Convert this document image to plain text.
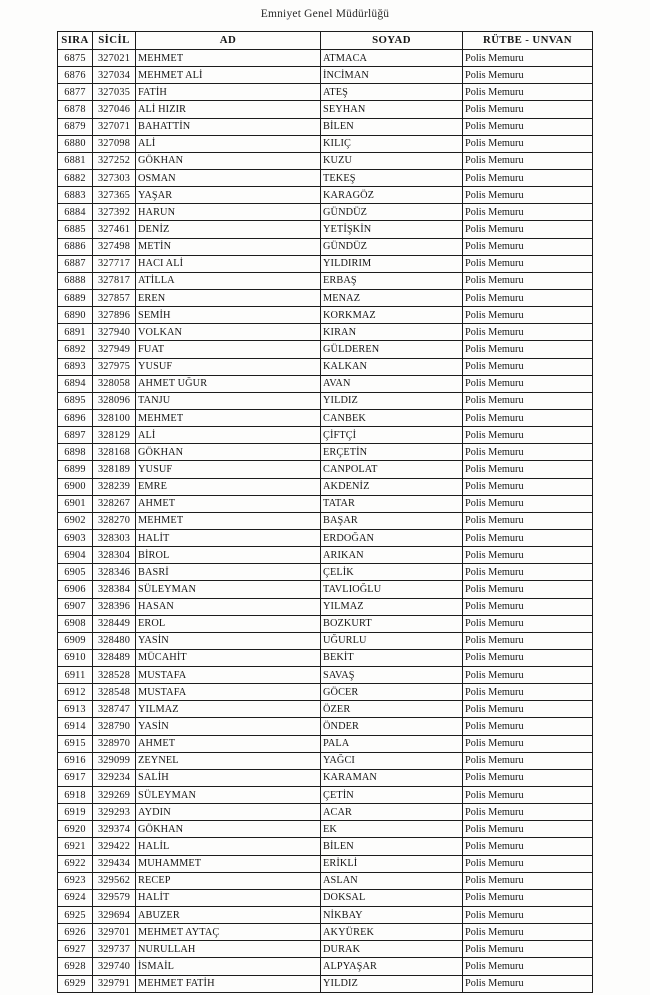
Emniyet Genel Müdürlüğü
SIRA	SİCİL	AD	SOYAD	RÜTBE - UNVAN
6875	327021	MEHMET	ATMACA	Polis Memuru
6876	327034	MEHMET ALİ	İNCİMAN	Polis Memuru
6877	327035	FATİH	ATEŞ	Polis Memuru
6878	327046	ALİ HIZIR	SEYHAN	Polis Memuru
6879	327071	BAHATTİN	BİLEN	Polis Memuru
6880	327098	ALİ	KILIÇ	Polis Memuru
6881	327252	GÖKHAN	KUZU	Polis Memuru
6882	327303	OSMAN	TEKEŞ	Polis Memuru
6883	327365	YAŞAR	KARAGÖZ	Polis Memuru
6884	327392	HARUN	GÜNDÜZ	Polis Memuru
6885	327461	DENİZ	YETİŞKİN	Polis Memuru
6886	327498	METİN	GÜNDÜZ	Polis Memuru
6887	327717	HACI ALİ	YILDIRIM	Polis Memuru
6888	327817	ATİLLA	ERBAŞ	Polis Memuru
6889	327857	EREN	MENAZ	Polis Memuru
6890	327896	SEMİH	KORKMAZ	Polis Memuru
6891	327940	VOLKAN	KIRAN	Polis Memuru
6892	327949	FUAT	GÜLDEREN	Polis Memuru
6893	327975	YUSUF	KALKAN	Polis Memuru
6894	328058	AHMET UĞUR	AVAN	Polis Memuru
6895	328096	TANJU	YILDIZ	Polis Memuru
6896	328100	MEHMET	CANBEK	Polis Memuru
6897	328129	ALİ	ÇİFTÇİ	Polis Memuru
6898	328168	GÖKHAN	ERÇETİN	Polis Memuru
6899	328189	YUSUF	CANPOLAT	Polis Memuru
6900	328239	EMRE	AKDENİZ	Polis Memuru
6901	328267	AHMET	TATAR	Polis Memuru
6902	328270	MEHMET	BAŞAR	Polis Memuru
6903	328303	HALİT	ERDOĞAN	Polis Memuru
6904	328304	BİROL	ARIKAN	Polis Memuru
6905	328346	BASRİ	ÇELİK	Polis Memuru
6906	328384	SÜLEYMAN	TAVLIOĞLU	Polis Memuru
6907	328396	HASAN	YILMAZ	Polis Memuru
6908	328449	EROL	BOZKURT	Polis Memuru
6909	328480	YASİN	UĞURLU	Polis Memuru
6910	328489	MÜCAHİT	BEKİT	Polis Memuru
6911	328528	MUSTAFA	SAVAŞ	Polis Memuru
6912	328548	MUSTAFA	GÖCER	Polis Memuru
6913	328747	YILMAZ	ÖZER	Polis Memuru
6914	328790	YASİN	ÖNDER	Polis Memuru
6915	328970	AHMET	PALA	Polis Memuru
6916	329099	ZEYNEL	YAĞCI	Polis Memuru
6917	329234	SALİH	KARAMAN	Polis Memuru
6918	329269	SÜLEYMAN	ÇETİN	Polis Memuru
6919	329293	AYDIN	ACAR	Polis Memuru
6920	329374	GÖKHAN	EK	Polis Memuru
6921	329422	HALİL	BİLEN	Polis Memuru
6922	329434	MUHAMMET	ERİKLİ	Polis Memuru
6923	329562	RECEP	ASLAN	Polis Memuru
6924	329579	HALİT	DOKSAL	Polis Memuru
6925	329694	ABUZER	NİKBAY	Polis Memuru
6926	329701	MEHMET AYTAÇ	AKYÜREK	Polis Memuru
6927	329737	NURULLAH	DURAK	Polis Memuru
6928	329740	İSMAİL	ALPYAŞAR	Polis Memuru
6929	329791	MEHMET FATİH	YILDIZ	Polis Memuru
